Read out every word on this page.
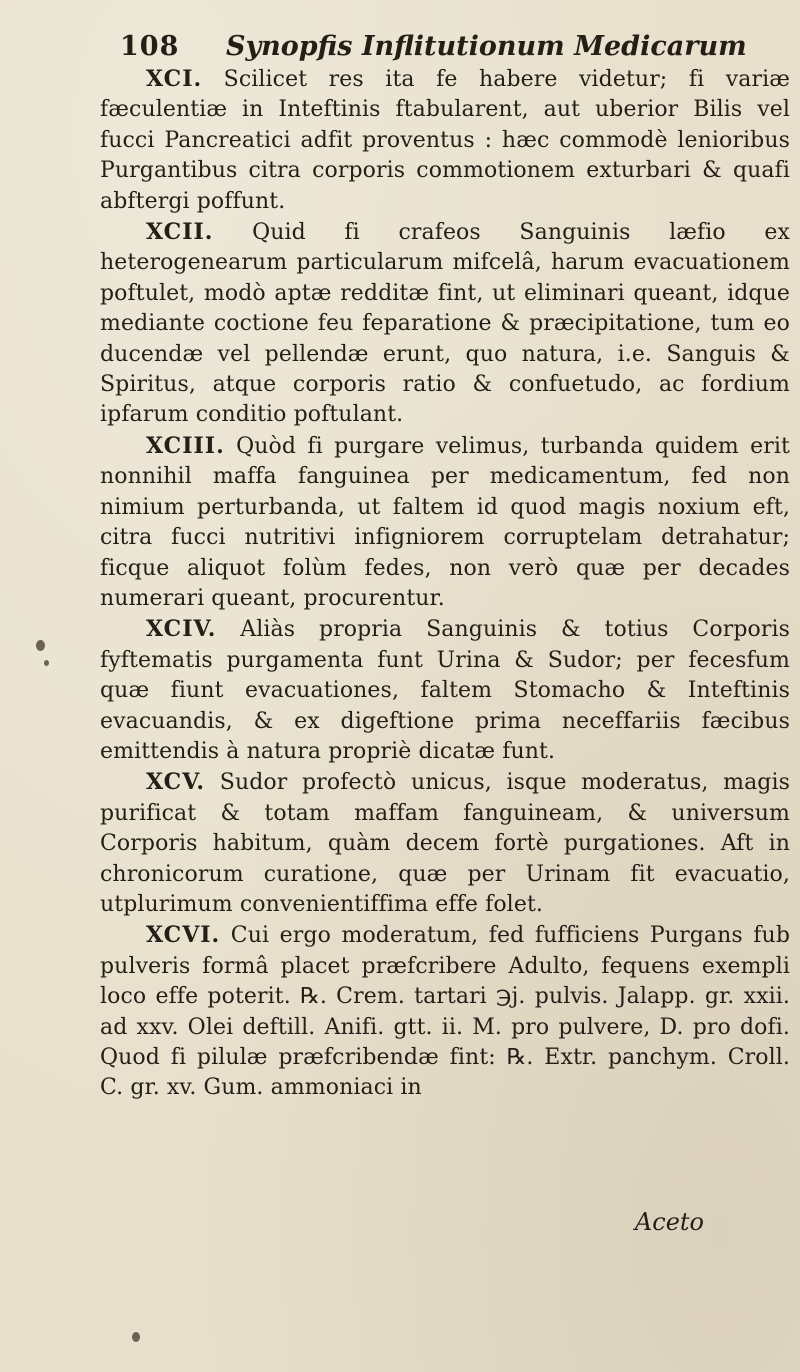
108 Synopfis Inflitutionum Medicarum

XCI. Scilicet res ita fe habere videtur; fi variæ fæculentiæ in Inteftinis ftabularent, aut uberior Bilis vel fucci Pancreatici adfit proventus : hæc commodè lenioribus Purgantibus citra corporis commotionem exturbari & quafi abftergi poffunt.

XCII. Quid fi crafeos Sanguinis læfio ex heterogenearum particularum mifcelâ, harum evacuationem poftulet, modò aptæ redditæ fint, ut eliminari queant, idque mediante coctione feu feparatione & præcipitatione, tum eo ducendæ vel pellendæ erunt, quo natura, i.e. Sanguis & Spiritus, atque corporis ratio & confuetudo, ac fordium ipfarum conditio poftulant.

XCIII. Quòd fi purgare velimus, turbanda quidem erit nonnihil maffa fanguinea per medicamentum, fed non nimium perturbanda, ut faltem id quod magis noxium eft, citra fucci nutritivi infigniorem corruptelam detrahatur; ficque aliquot folùm fedes, non verò quæ per decades numerari queant, procurentur.

XCIV. Aliàs propria Sanguinis & totius Corporis fyftematis purgamenta funt Urina & Sudor; per fecesfum quæ fiunt evacuationes, faltem Stomacho & Inteftinis evacuandis, & ex digeftione prima neceffariis fæcibus emittendis à natura propriè dicatæ funt.

XCV. Sudor profectò unicus, isque moderatus, magis purificat & totam maffam fanguineam, & universum Corporis habitum, quàm decem fortè purgationes. Aft in chronicorum curatione, quæ per Urinam fit evacuatio, utplurimum convenientiffima effe folet.

XCVI. Cui ergo moderatum, fed fufficiens Purgans fub pulveris formâ placet præfcribere Adulto, fequens exempli loco effe poterit. ℞. Crem. tartari ℈j. pulvis. Jalapp. gr. xxii. ad xxv. Olei deftill. Anifi. gtt. ii. M. pro pulvere, D. pro dofi. Quod fi pilulæ præfcribendæ fint: ℞. Extr. panchym. Croll. C. gr. xv. Gum. ammoniaci in

Aceto
